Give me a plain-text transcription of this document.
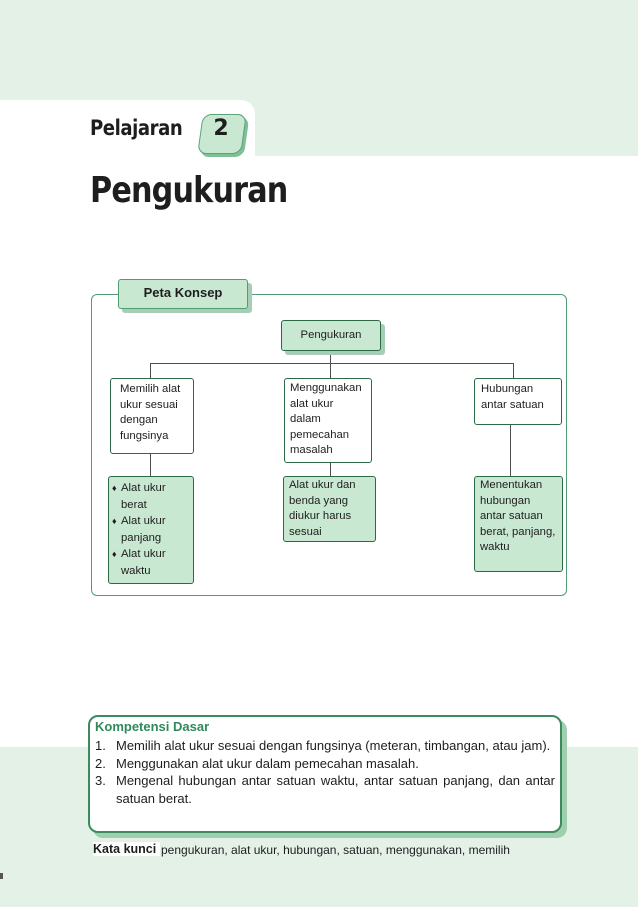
Pelajaran	2
Pengukuran
Peta Konsep
Pengukuran
Memilih alat ukur sesuai dengan fungsinya
Menggunakan alat ukur dalam pemecahan masalah
Hubungan antar satuan
♦ Alat ukur berat
♦ Alat ukur panjang
♦ Alat ukur waktu
Alat ukur dan benda yang diukur harus sesuai
Menentukan hubungan antar satuan berat, panjang, waktu
Kompetensi Dasar
1. Memilih alat ukur sesuai dengan fungsinya (meteran, timbangan, atau jam).
2. Menggunakan alat ukur dalam pemecahan masalah.
3. Mengenal hubungan antar satuan waktu, antar satuan panjang, dan antar satuan berat.
Kata kunci pengukuran, alat ukur, hubungan, satuan, menggunakan, memilih
